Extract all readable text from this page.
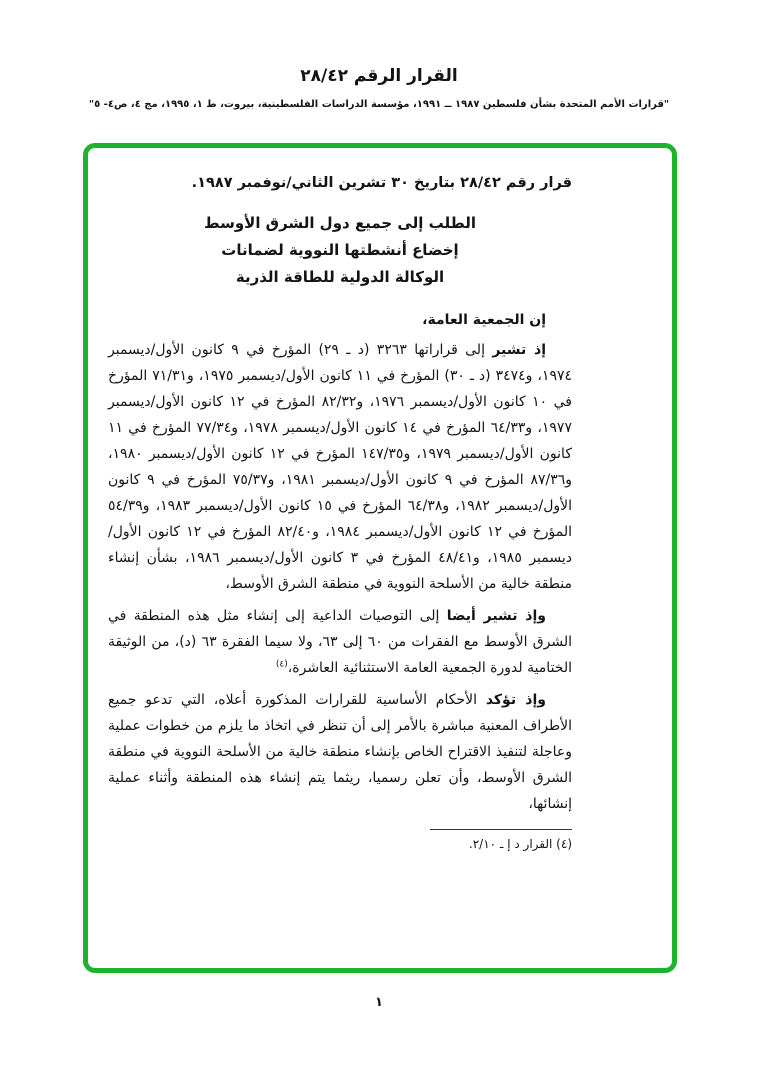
القرار الرقم ٢٨/٤٢
"قرارات الأمم المتحدة بشأن فلسطين ١٩٨٧ ــ ١٩٩١، مؤسسة الدراسات الفلسطينية، بيروت، ط ١، ١٩٩٥، مج ٤، ص٤- ٥"
قرار رقم ٢٨/٤٢ بتاريخ ٣٠ تشرين الثاني/نوفمبر ١٩٨٧.
الطلب إلى جميع دول الشرق الأوسط
إخضاع أنشطتها النووية لضمانات
الوكالة الدولية للطاقة الذرية

إن الجمعية العامة،

إذ تشير إلى قراراتها ٣٢٦٣ (د ـ ٢٩) المؤرخ في ٩ كانون الأول/ديسمبر ١٩٧٤، و٣٤٧٤ (د ـ ٣٠) المؤرخ في ١١ كانون الأول/ديسمبر ١٩٧٥، و٧١/٣١ المؤرخ في ١٠ كانون الأول/ديسمبر ١٩٧٦، و٨٢/٣٢ المؤرخ في ١٢ كانون الأول/ديسمبر ١٩٧٧، و٦٤/٣٣ المؤرخ في ١٤ كانون الأول/ديسمبر ١٩٧٨، و٧٧/٣٤ المؤرخ في ١١ كانون الأول/ديسمبر ١٩٧٩، و١٤٧/٣٥ المؤرخ في ١٢ كانون الأول/ديسمبر ١٩٨٠، و٨٧/٣٦ المؤرخ في ٩ كانون الأول/ديسمبر ١٩٨١، و٧٥/٣٧ المؤرخ في ٩ كانون الأول/ديسمبر ١٩٨٢، و٦٤/٣٨ المؤرخ في ١٥ كانون الأول/ديسمبر ١٩٨٣، و٥٤/٣٩ المؤرخ في ١٢ كانون الأول/ديسمبر ١٩٨٤، و٨٢/٤٠ المؤرخ في ١٢ كانون الأول/ديسمبر ١٩٨٥، و٤٨/٤١ المؤرخ في ٣ كانون الأول/ديسمبر ١٩٨٦، بشأن إنشاء منطقة خالية من الأسلحة النووية في منطقة الشرق الأوسط،

وإذ تشير أيضا إلى التوصيات الداعية إلى إنشاء مثل هذه المنطقة في الشرق الأوسط مع الفقرات من ٦٠ إلى ٦٣، ولا سيما الفقرة ٦٣ (د)، من الوثيقة الختامية لدورة الجمعية العامة الاستثنائية العاشرة،$^{(٤)}$

وإذ تؤكد الأحكام الأساسية للقرارات المذكورة أعلاه، التي تدعو جميع الأطراف المعنية مباشرة بالأمر إلى أن تنظر في اتخاذ ما يلزم من خطوات عملية وعاجلة لتنفيذ الاقتراح الخاص بإنشاء منطقة خالية من الأسلحة النووية في منطقة الشرق الأوسط، وأن تعلن رسميا، ريثما يتم إنشاء هذه المنطقة وأثناء عملية إنشائها،

(٤) القرار د إ ـ ٢/١٠.
١
